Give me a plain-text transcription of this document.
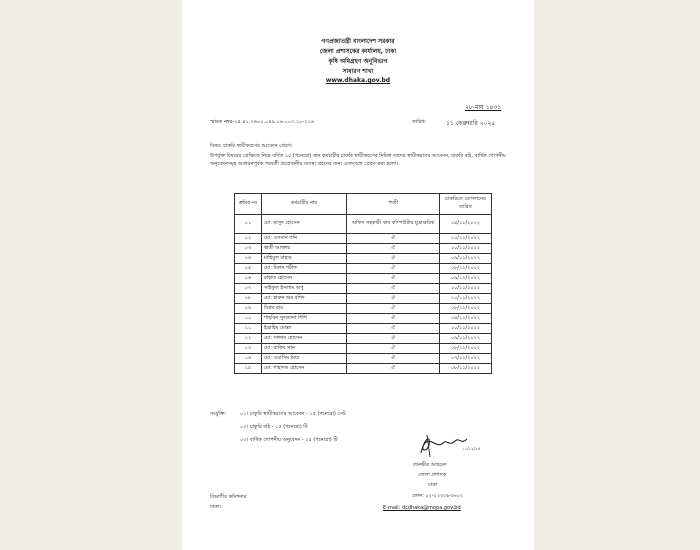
গণপ্রজাতন্ত্রী বাংলাদেশ সরকার
জেলা প্রশাসকের কার্যালয়, ঢাকা
কৃষি অধিগ্রহণ অনুবিভাগ
সাধারণ শাখা
www.dhaka.gov.bd
২৮-মাঘ ১৪৩১
স্মারক নম্বর-০৫.৪১.২৬০০.০৪৯.১৬.০০৩.১০-২১৬	তারিখ:	১১ ফেব্রুয়ারি ২০২৫
বিষয়: চাকরি স্থায়ীকরণের আবেদন প্রেরণ।
উপর্যুক্ত বিষয়ের প্রেক্ষিতে নিম্নে বর্ণিত ১৫ (পনেরো) জন কর্মচারীর চাকরি স্থায়ীকরণের নিমিত্ত তাদের স্থায়ীকরণের আবেদন, চাকরি বহি, বার্ষিক গোপনীয় অনুবেদনসমূহ অগ্রায়নপূর্বক পরবর্তী প্রয়োজনীয় ব্যবস্থা গ্রহণের জন্য এতদ্সঙ্গে প্রেরণ করা হলো।
ক্রমিক নং	কর্মচারীর নাম	পদবী	চাকরিতে যোগদানের তারিখ
০১	মো: মাসুদ হোসেন	অফিস সহকারী কাম কম্পিউটার মুদ্রাক্ষরিক	১৪/১১/২০২২
০২	মো: ওসমান গনি	ঐ	১০/১১/২০২২
০৩	স্বাতী আক্তার	ঐ	১০/১১/২০২২
০৪	মাহিবুল বাহার	ঐ	০৯/১১/২০২২
০৫	মো: মিলন শরীফ	ঐ	০৮/১১/২০২২
০৬	রাহাত হোসেন	ঐ	০৯/১১/২০২২
০৭	সাইফুল ইসলাম অপু	ঐ	১০/১১/২০২২
০৮	মো: হারুন অর রশিদ	ঐ	১০/১১/২০২২
০৯	বিপ্লব রায়	ঐ	০৮/১১/২০২২
১০	শাহরিন সুলতানা শিশি	ঐ	১৪/১১/২০২২
১১	ইব্রাহিম মোল্লা	ঐ	১০/১১/২০২২
১২	মো: সাদ্দাম হোসেন	ঐ	০৯/১১/২০২২
১৩	মো: রাকিব খান	ঐ	০৮/১১/২০২২
১৪	মো: ওয়াসিম মিয়া	ঐ	০৭/১১/২০২২
১৫	মো: শাহাদত হোসেন	ঐ	০৮/১১/২০২২
সংযুক্তি:	০১। চাকুরি স্থায়ীকরণের আবেদন - ১৫ (পনেরো) সেট
০২। চাকুরি বহি - ১৫ (পনেরো) টি
০৩। বার্ষিক গোপনীয় অনুবেদন - ১৫ (পনেরো) টি
১১/০২/২৫
তানভীর আহমেদ
জেলা প্রশাসক
ঢাকা
ফোন: ০২-২২৩৩৮৩৬০২
E-mail: dcdhaka@mopa.gov.bd
বিভাগীয় কমিশনার
ঢাকা।
